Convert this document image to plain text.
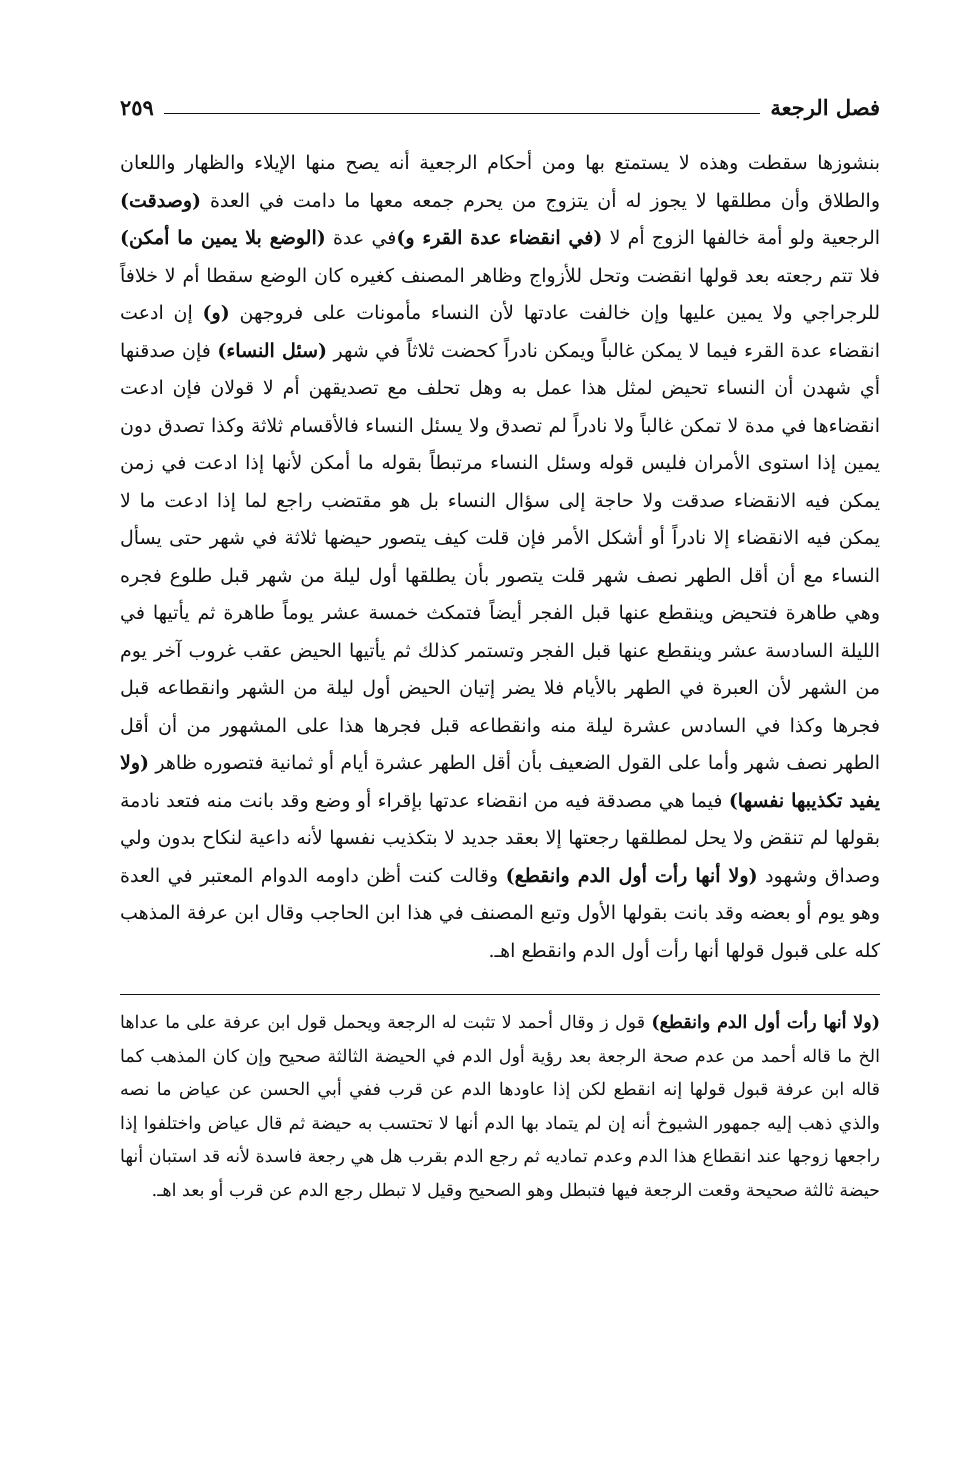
فصل الرجعة
٢٥٩
بنشوزها سقطت وهذه لا يستمتع بها ومن أحكام الرجعية أنه يصح منها الإيلاء والظهار واللعان والطلاق وأن مطلقها لا يجوز له أن يتزوج من يحرم جمعه معها ما دامت في العدة (وصدقت) الرجعية ولو أمة خالفها الزوج أم لا (في انقضاء عدة القرء و)في عدة (الوضع بلا يمين ما أمكن) فلا تتم رجعته بعد قولها انقضت وتحل للأزواج وظاهر المصنف كغيره كان الوضع سقطا أم لا خلافاً للرجراجي ولا يمين عليها وإن خالفت عادتها لأن النساء مأمونات على فروجهن (و) إن ادعت انقضاء عدة القرء فيما لا يمكن غالباً ويمكن نادراً كحضت ثلاثاً في شهر (سئل النساء) فإن صدقنها أي شهدن أن النساء تحيض لمثل هذا عمل به وهل تحلف مع تصديقهن أم لا قولان فإن ادعت انقضاءها في مدة لا تمكن غالباً ولا نادراً لم تصدق ولا يسئل النساء فالأقسام ثلاثة وكذا تصدق دون يمين إذا استوى الأمران فليس قوله وسئل النساء مرتبطاً بقوله ما أمكن لأنها إذا ادعت في زمن يمكن فيه الانقضاء صدقت ولا حاجة إلى سؤال النساء بل هو مقتضب راجع لما إذا ادعت ما لا يمكن فيه الانقضاء إلا نادراً أو أشكل الأمر فإن قلت كيف يتصور حيضها ثلاثة في شهر حتى يسأل النساء مع أن أقل الطهر نصف شهر قلت يتصور بأن يطلقها أول ليلة من شهر قبل طلوع فجره وهي طاهرة فتحيض وينقطع عنها قبل الفجر أيضاً فتمكث خمسة عشر يوماً طاهرة ثم يأتيها في الليلة السادسة عشر وينقطع عنها قبل الفجر وتستمر كذلك ثم يأتيها الحيض عقب غروب آخر يوم من الشهر لأن العبرة في الطهر بالأيام فلا يضر إتيان الحيض أول ليلة من الشهر وانقطاعه قبل فجرها وكذا في السادس عشرة ليلة منه وانقطاعه قبل فجرها هذا على المشهور من أن أقل الطهر نصف شهر وأما على القول الضعيف بأن أقل الطهر عشرة أيام أو ثمانية فتصوره ظاهر (ولا يفيد تكذيبها نفسها) فيما هي مصدقة فيه من انقضاء عدتها بإقراء أو وضع وقد بانت منه فتعد نادمة بقولها لم تنقض ولا يحل لمطلقها رجعتها إلا بعقد جديد لا بتكذيب نفسها لأنه داعية لنكاح بدون ولي وصداق وشهود (ولا أنها رأت أول الدم وانقطع) وقالت كنت أظن داومه الدوام المعتبر في العدة وهو يوم أو بعضه وقد بانت بقولها الأول وتبع المصنف في هذا ابن الحاجب وقال ابن عرفة المذهب كله على قبول قولها أنها رأت أول الدم وانقطع اهـ.
(ولا أنها رأت أول الدم وانقطع) قول ز وقال أحمد لا تثبت له الرجعة ويحمل قول ابن عرفة على ما عداها الخ ما قاله أحمد من عدم صحة الرجعة بعد رؤية أول الدم في الحيضة الثالثة صحيح وإن كان المذهب كما قاله ابن عرفة قبول قولها إنه انقطع لكن إذا عاودها الدم عن قرب ففي أبي الحسن عن عياض ما نصه والذي ذهب إليه جمهور الشيوخ أنه إن لم يتماد بها الدم أنها لا تحتسب به حيضة ثم قال عياض واختلفوا إذا راجعها زوجها عند انقطاع هذا الدم وعدم تماديه ثم رجع الدم بقرب هل هي رجعة فاسدة لأنه قد استبان أنها حيضة ثالثة صحيحة وقعت الرجعة فيها فتبطل وهو الصحيح وقيل لا تبطل رجع الدم عن قرب أو بعد اهـ.
